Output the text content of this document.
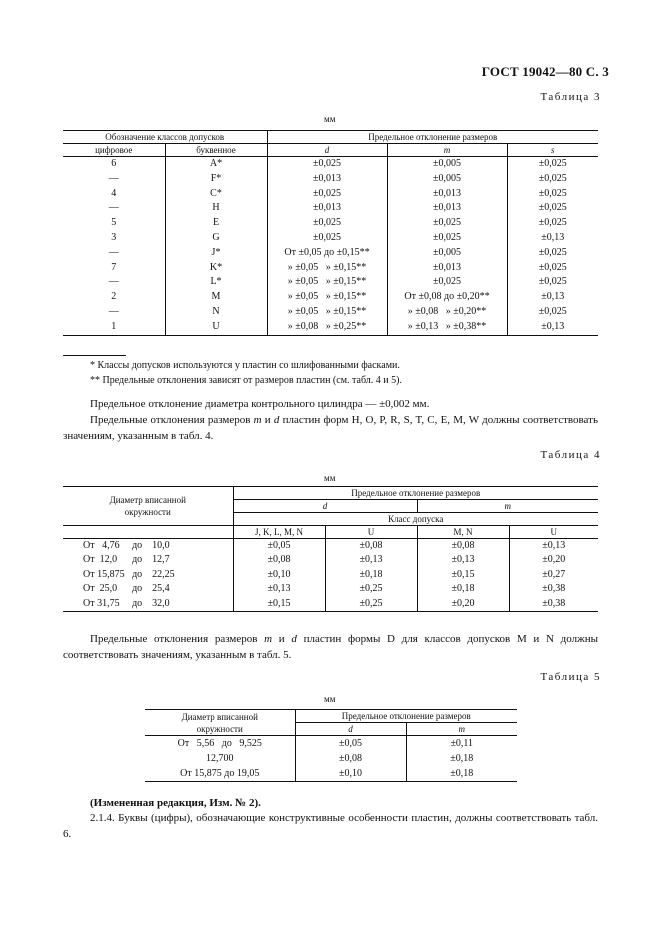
ГОСТ 19042—80 С. 3
Таблица 3
мм
Обозначение классов допусков		Предельное отклонение размеров		
цифровое	буквенное	d	m	s
6	A*	±0,025	±0,005	±0,025
—	F*	±0,013	±0,005	±0,025
4	C*	±0,025	±0,013	±0,025
—	H	±0,013	±0,013	±0,025
5	E	±0,025	±0,025	±0,025
3	G	±0,025	±0,025	±0,13
—	J*	От ±0,05 до ±0,15**	±0,005	±0,025
7	K*	» ±0,05   » ±0,15**	±0,013	±0,025
—	L*	» ±0,05   » ±0,15**	±0,025	±0,025
2	M	» ±0,05   » ±0,15**	От ±0,08 до ±0,20**	±0,13
—	N	» ±0,05   » ±0,15**	» ±0,08   » ±0,20**	±0,025
1	U	» ±0,08   » ±0,25**	» ±0,13   » ±0,38**	±0,13
* Классы допусков используются у пластин со шлифованными фасками.
** Предельные отклонения зависят от размеров пластин (см. табл. 4 и 5).
Предельное отклонение диаметра контрольного цилиндра — ±0,002 мм.
Предельные отклонения размеров m и d пластин форм H, O, P, R, S, T, C, E, M, W должны соответствовать значениям, указанным в табл. 4.
Таблица 4
мм
Диаметр вписанной окружности	Предельное отклонение размеров			
	d		m	
	Класс допуска			
	J, K, L, M, N	U	M, N	U
От   4,76     до    10,0	±0,05	±0,08	±0,08	±0,13
От  12,0      до    12,7	±0,08	±0,13	±0,13	±0,20
От 15,875   до    22,25	±0,10	±0,18	±0,15	±0,27
От  25,0      до    25,4	±0,13	±0,25	±0,18	±0,38
От 31,75     до    32,0	±0,15	±0,25	±0,20	±0,38
Предельные отклонения размеров m и d пластин формы D для классов допусков M и N должны соответствовать значениям, указанным в табл. 5.
Таблица 5
мм
Диаметр вписанной окружности	Предельное отклонение размеров	
	d	m
От   5,56   до   9,525	±0,05	±0,11
12,700	±0,08	±0,18
От 15,875 до 19,05	±0,10	±0,18
(Измененная редакция, Изм. № 2).
2.1.4. Буквы (цифры), обозначающие конструктивные особенности пластин, должны соответствовать табл. 6.
